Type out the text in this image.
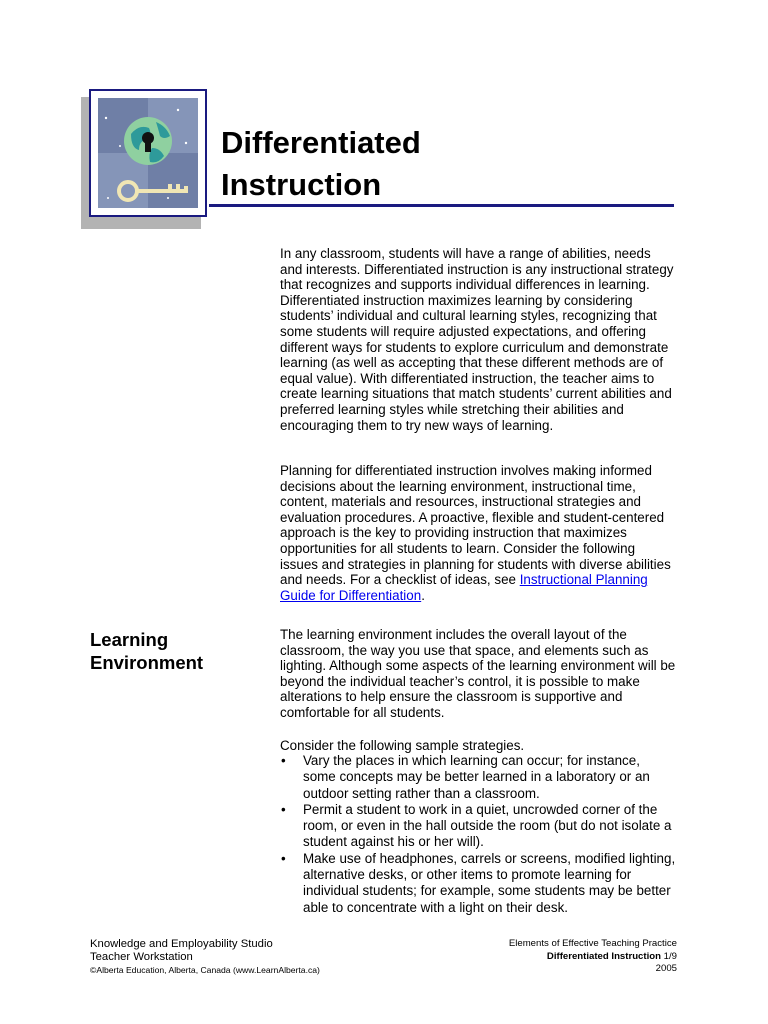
Differentiated
Instruction

In any classroom, students will have a range of abilities, needs and interests. Differentiated instruction is any instructional strategy that recognizes and supports individual differences in learning. Differentiated instruction maximizes learning by considering students’ individual and cultural learning styles, recognizing that some students will require adjusted expectations, and offering different ways for students to explore curriculum and demonstrate learning (as well as accepting that these different methods are of equal value). With differentiated instruction, the teacher aims to create learning situations that match students’ current abilities and preferred learning styles while stretching their abilities and encouraging them to try new ways of learning.

Planning for differentiated instruction involves making informed decisions about the learning environment, instructional time, content, materials and resources, instructional strategies and evaluation procedures. A proactive, flexible and student-centered approach is the key to providing instruction that maximizes opportunities for all students to learn. Consider the following issues and strategies in planning for students with diverse abilities and needs. For a checklist of ideas, see Instructional Planning Guide for Differentiation.

Learning
Environment

The learning environment includes the overall layout of the classroom, the way you use that space, and elements such as lighting. Although some aspects of the learning environment will be beyond the individual teacher’s control, it is possible to make alterations to help ensure the classroom is supportive and comfortable for all students.

Consider the following sample strategies.

• Vary the places in which learning can occur; for instance, some concepts may be better learned in a laboratory or an outdoor setting rather than a classroom.
• Permit a student to work in a quiet, uncrowded corner of the room, or even in the hall outside the room (but do not isolate a student against his or her will).
• Make use of headphones, carrels or screens, modified lighting, alternative desks, or other items to promote learning for individual students; for example, some students may be better able to concentrate with a light on their desk.
Knowledge and Employability Studio
Teacher Workstation
©Alberta Education, Alberta, Canada (www.LearnAlberta.ca)
Elements of Effective Teaching Practice
Differentiated Instruction 1/9
2005
